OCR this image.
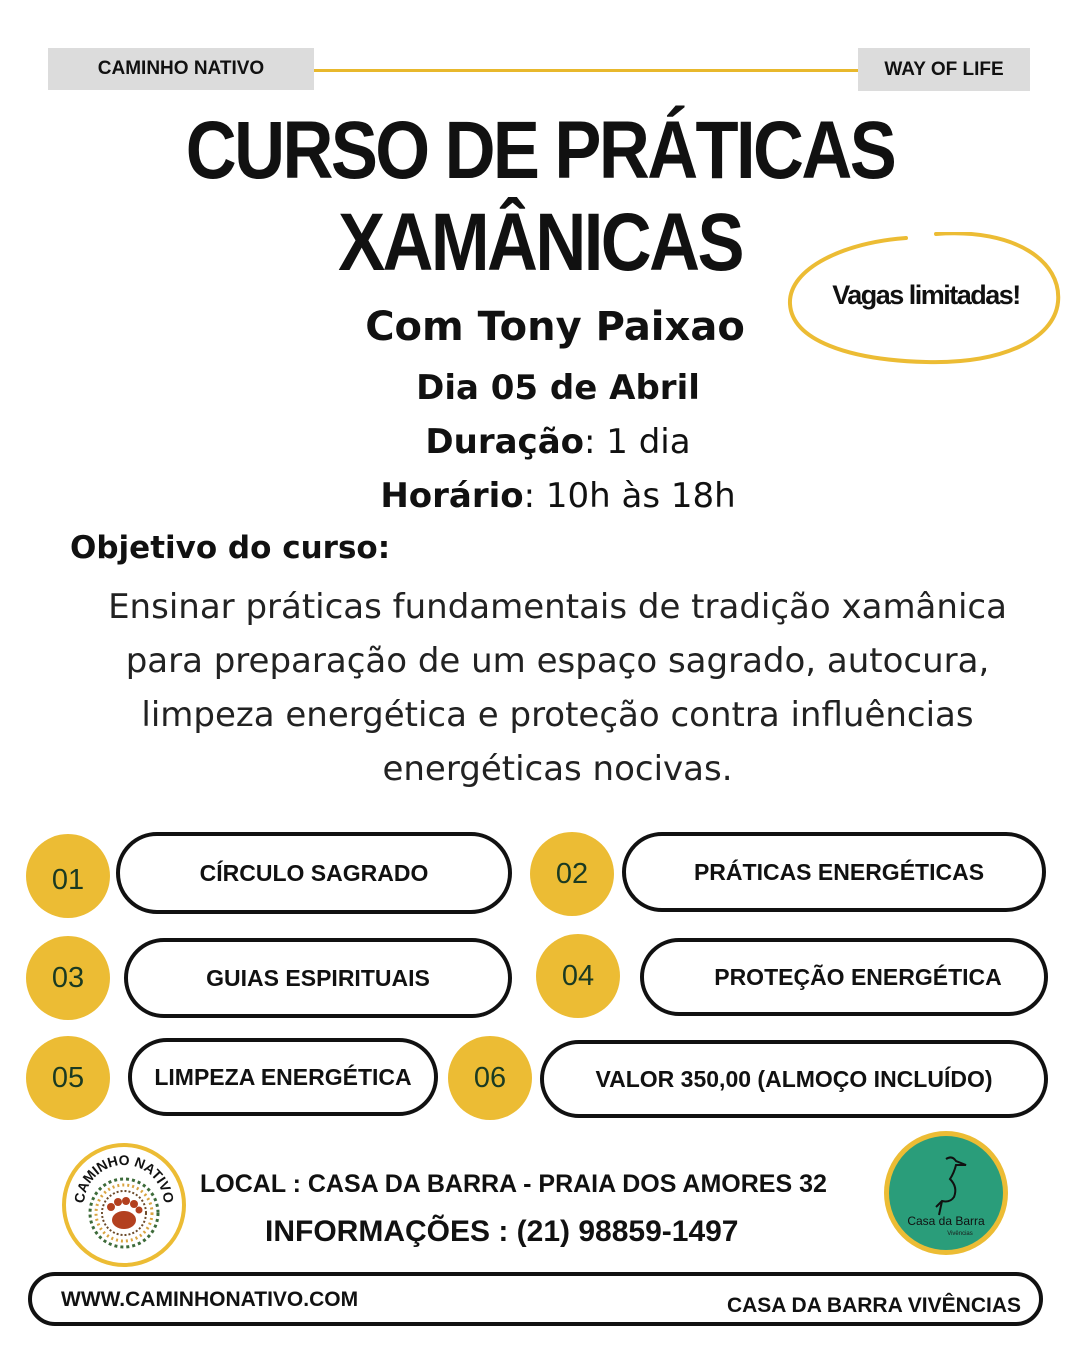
CAMINHO NATIVO	WAY OF LIFE
CURSO DE PRÁTICAS
XAMÂNICAS
Vagas limitadas!
Com Tony Paixao
Dia 05 de Abril
Duração: 1 dia
Horário: 10h às 18h
Objetivo do curso:
Ensinar práticas fundamentais de tradição xamânica
para preparação de um espaço sagrado, autocura,
limpeza energética e proteção contra influências
energéticas nocivas.
01	CÍRCULO SAGRADO	02	PRÁTICAS ENERGÉTICAS
03	GUIAS ESPIRITUAIS	04	PROTEÇÃO ENERGÉTICA
05	LIMPEZA ENERGÉTICA	06	VALOR 350,00 (ALMOÇO INCLUÍDO)
CAMINHO NATIVO LOCAL : CASA DA BARRA - PRAIA DOS AMORES 32
INFORMAÇÕES : (21) 98859-1497	Casa da Barra
Vivências
WWW.CAMINHONATIVO.COM	CASA DA BARRA VIVÊNCIAS
